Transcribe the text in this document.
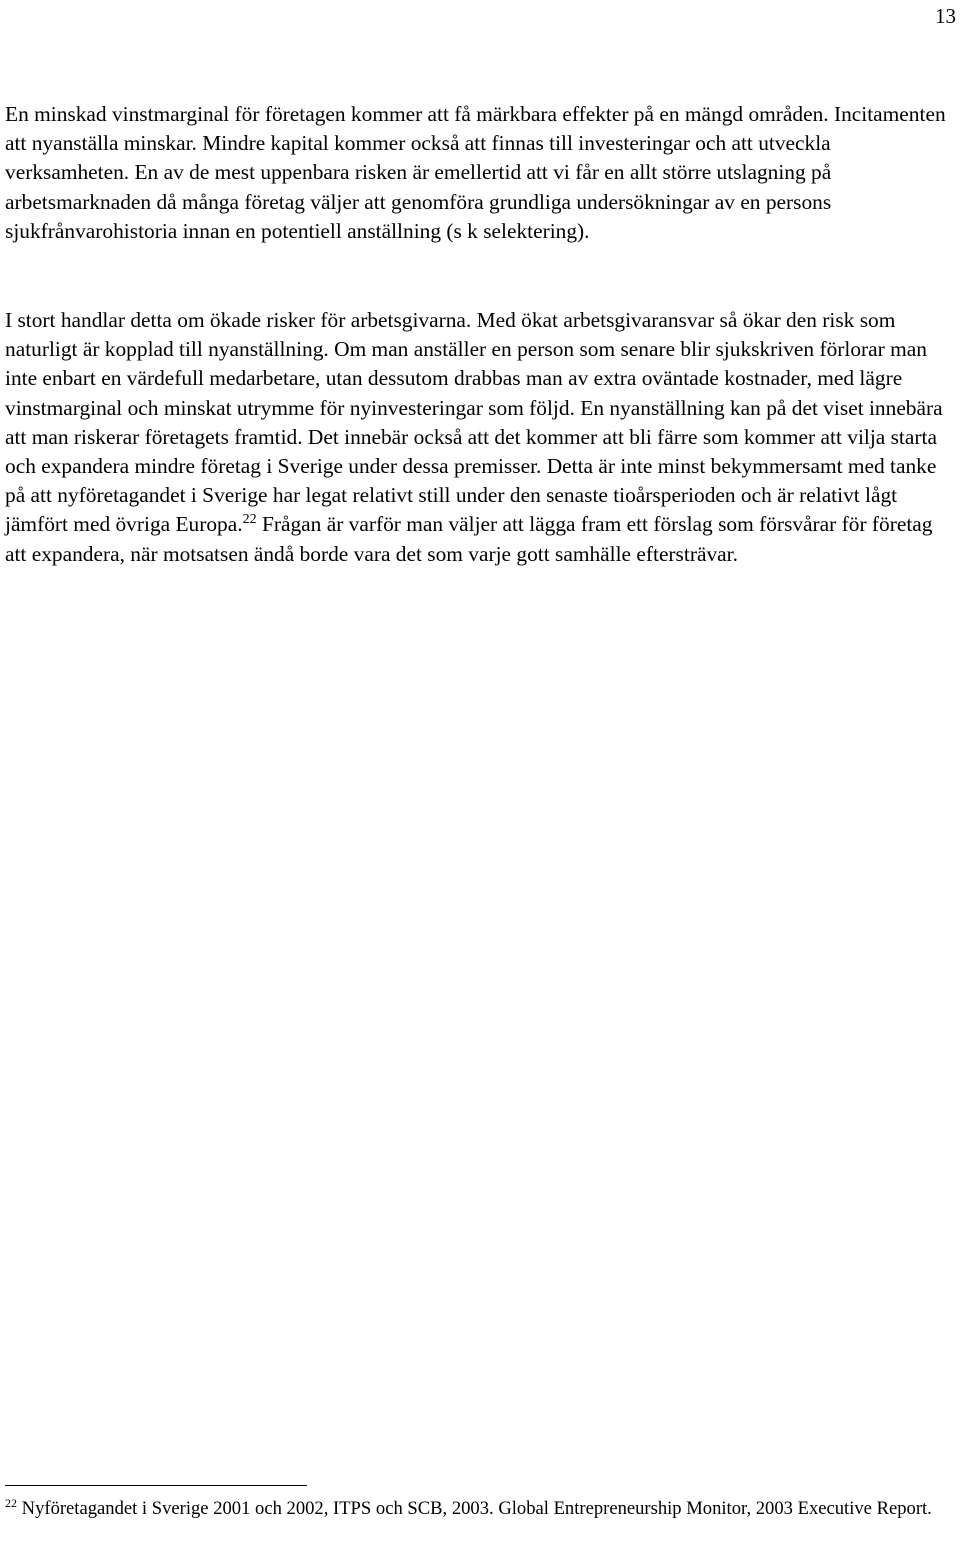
13

En minskad vinstmarginal för företagen kommer att få märkbara effekter på en mängd områden. Incitamenten att nyanställa minskar. Mindre kapital kommer också att finnas till investeringar och att utveckla verksamheten. En av de mest uppenbara risken är emellertid att vi får en allt större utslagning på arbetsmarknaden då många företag väljer att genomföra grundliga undersökningar av en persons sjukfrånvarohistoria innan en potentiell anställning (s k selektering).

I stort handlar detta om ökade risker för arbetsgivarna. Med ökat arbetsgivaransvar så ökar den risk som naturligt är kopplad till nyanställning. Om man anställer en person som senare blir sjukskriven förlorar man inte enbart en värdefull medarbetare, utan dessutom drabbas man av extra oväntade kostnader, med lägre vinstmarginal och minskat utrymme för nyinvesteringar som följd. En nyanställning kan på det viset innebära att man riskerar företagets framtid. Det innebär också att det kommer att bli färre som kommer att vilja starta och expandera mindre företag i Sverige under dessa premisser. Detta är inte minst bekymmersamt med tanke på att nyföretagandet i Sverige har legat relativt still under den senaste tioårsperioden och är relativt lågt jämfört med övriga Europa.$^{22}$ Frågan är varför man väljer att lägga fram ett förslag som försvårar för företag att expandera, när motsatsen ändå borde vara det som varje gott samhälle eftersträvar.

$^{22}$ Nyföretagandet i Sverige 2001 och 2002, ITPS och SCB, 2003. Global Entrepreneurship Monitor, 2003 Executive Report.
